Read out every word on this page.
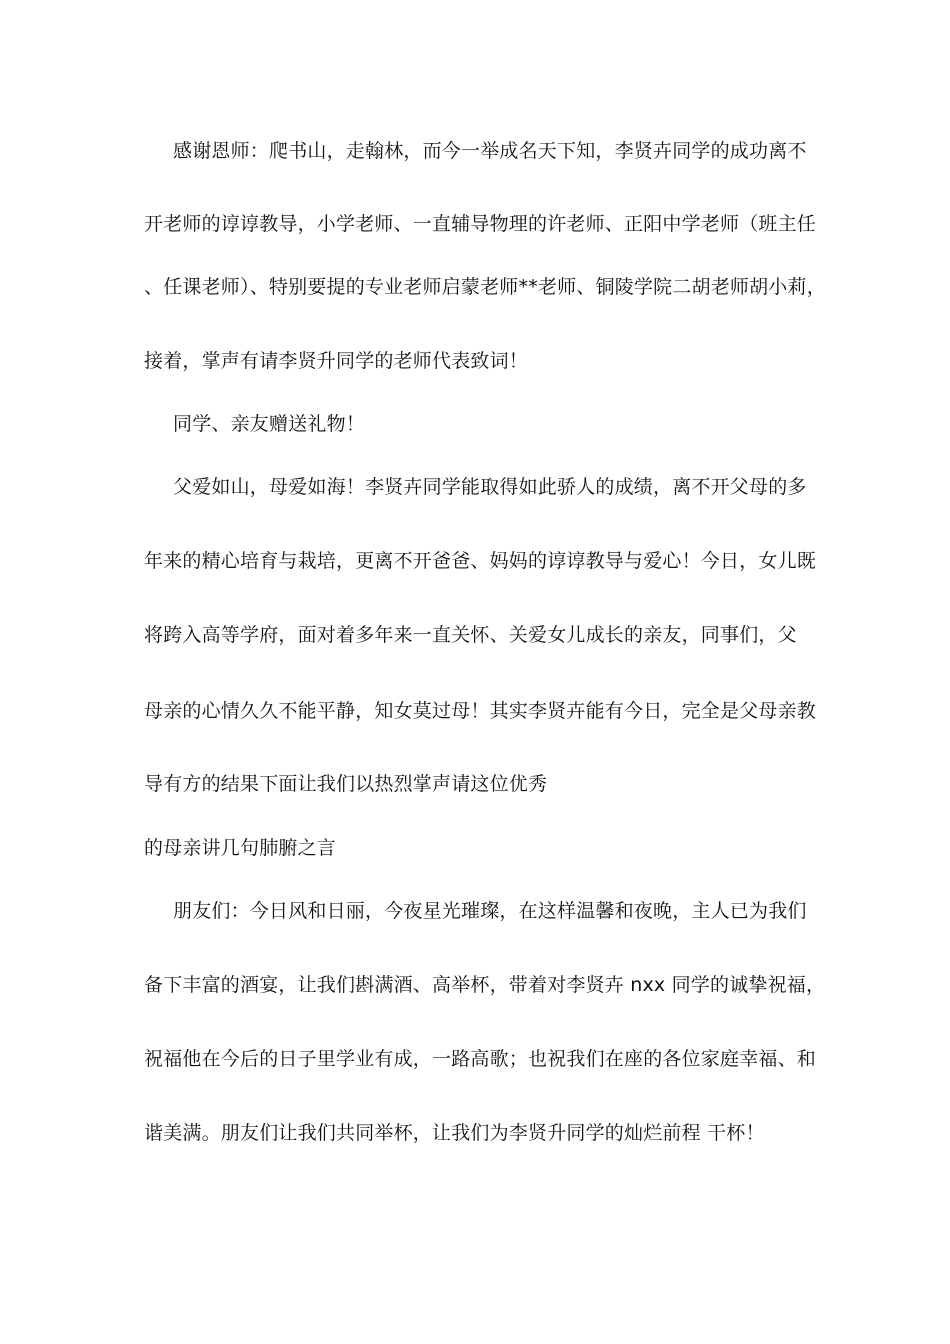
感谢恩师：爬书山，走翰林，而今一举成名天下知，李贤卉同学的成功离不
开老师的谆谆教导，小学老师、一直辅导物理的许老师、正阳中学老师（班主任
、任课老师）、特别要提的专业老师启蒙老师**老师、铜陵学院二胡老师胡小莉，
接着，掌声有请李贤升同学的老师代表致词！
同学、亲友赠送礼物！
父爱如山，母爱如海！李贤卉同学能取得如此骄人的成绩，离不开父母的多
年来的精心培育与栽培，更离不开爸爸、妈妈的谆谆教导与爱心！今日，女儿既
将跨入高等学府，面对着多年来一直关怀、关爱女儿成长的亲友，同事们，父
母亲的心情久久不能平静，知女莫过母！其实李贤卉能有今日，完全是父母亲教
导有方的结果下面让我们以热烈掌声请这位优秀
的母亲讲几句肺腑之言
朋友们：今日风和日丽，今夜星光璀璨，在这样温馨和夜晚，主人已为我们
备下丰富的酒宴，让我们斟满酒、高举杯，带着对李贤卉 nxx 同学的诚挚祝福，
祝福他在今后的日子里学业有成，一路高歌；也祝我们在座的各位家庭幸福、和
谐美满。朋友们让我们共同举杯，让我们为李贤升同学的灿烂前程 干杯！
